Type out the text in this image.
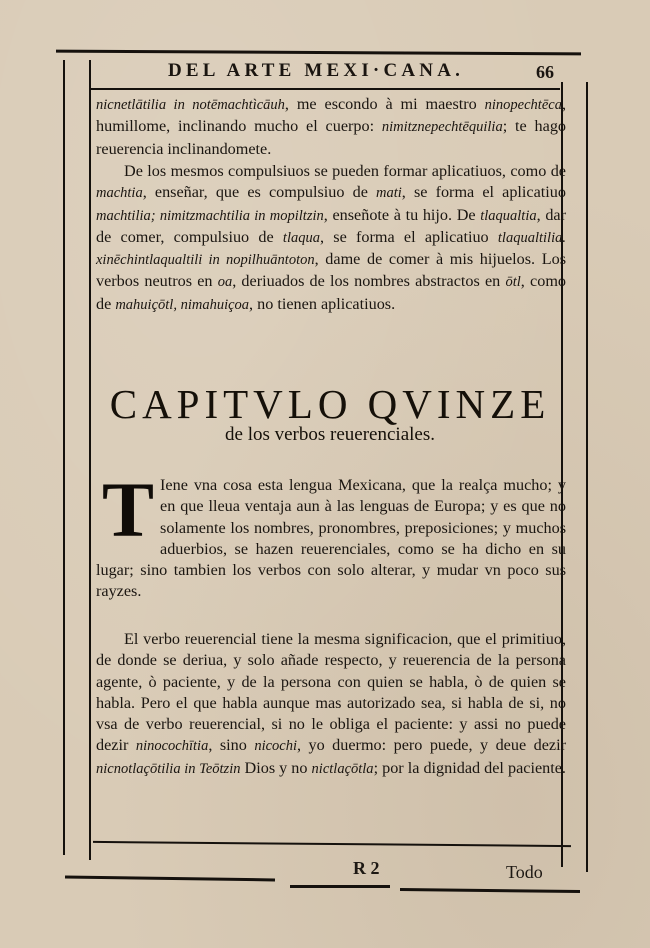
DEL ARTE MEXI·CANA.	66

nicnetlātilia in notēmachtìcāuh, me escondo à mi maestro ninopechtēca, humillome, inclinando mucho el cuerpo: nimitznepechtēquilia; te hago reuerencia inclinandomete.

De los mesmos compulsiuos se pueden formar aplicatiuos, como de machtia, enseñar, que es compulsiuo de mati, se forma el aplicatiuo machtilia; nimitzmachtilia in mopiltzin, enseñote à tu hijo. De tlaqualtia, dar de comer, compulsiuo de tlaqua, se forma el aplicatiuo tlaqualtilia. xinēchintlaqualtili in nopilhuāntoton, dame de comer à mis hijuelos. Los verbos neutros en oa, deriuados de los nombres abstractos en ōtl, como de mahuiçōtl, nimahuiçoa, no tienen aplicatiuos.

CAPITVLO QVINZE
de los verbos reuerenciales.

T Iene vna cosa esta lengua Mexicana, que la realça mucho; y en que lleua ventaja aun à las lenguas de Europa; y es que no solamente los nombres, pronombres, preposiciones; y muchos aduerbios, se hazen reuerenciales, como se ha dicho en su lugar; sino tambien los verbos con solo alterar, y mudar vn poco sus rayzes.

El verbo reuerencial tiene la mesma significacion, que el primitiuo, de donde se deriua, y solo añade respecto, y reuerencia de la persona agente, ò paciente, y de la persona con quien se habla, ò de quien se habla. Pero el que habla aunque mas autorizado sea, si habla de si, no vsa de verbo reuerencial, si no le obliga el paciente: y assi no puede dezir ninocochītia, sino nicochi, yo duermo: pero puede, y deue dezir nicnotlaçōtilia in Teōtzin Dios y no nictlaçōtla; por la dignidad del paciente.

R 2	Todo
